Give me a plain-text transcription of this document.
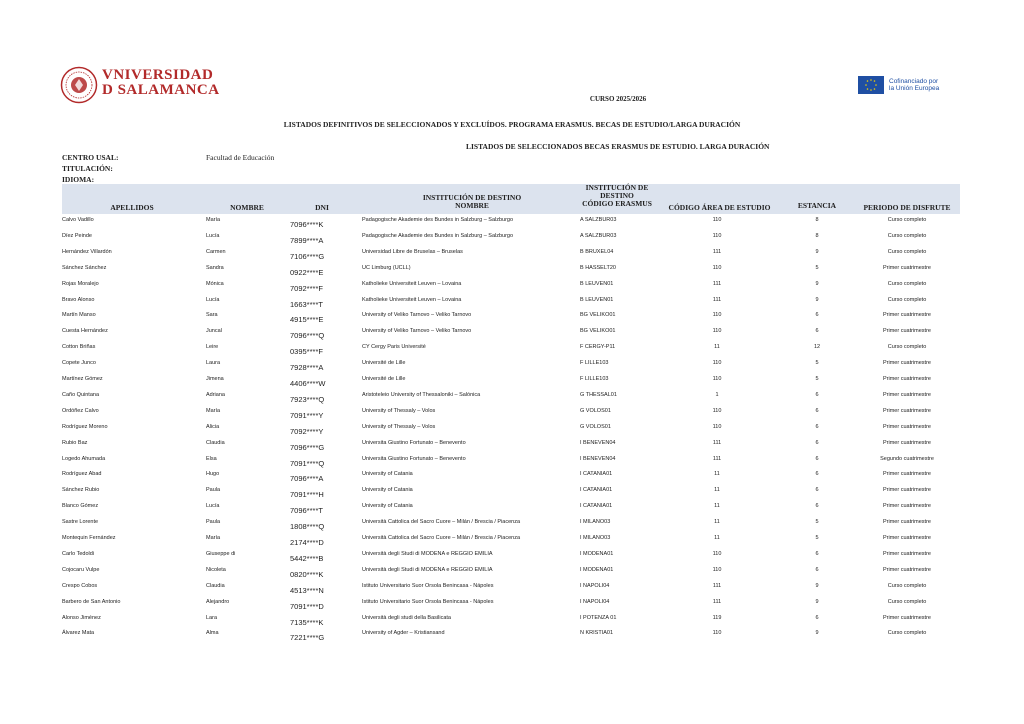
VNIVERSIDAD
D SALAMANCA
Cofinanciado por
la Unión Europea
CURSO 2025/2026
LISTADOS DEFINITIVOS DE SELECCIONADOS Y EXCLUÍDOS. PROGRAMA ERASMUS. BECAS DE ESTUDIO/LARGA DURACIÓN
LISTADOS DE SELECCIONADOS BECAS ERASMUS DE ESTUDIO. LARGA DURACIÓN
CENTRO USAL:	Facultad de Educación
TITULACIÓN:
IDIOMA:
APELLIDOS	NOMBRE	DNI
INSTITUCIÓN DE DESTINO
NOMBRE
INSTITUCIÓN DE
DESTINO
CÓDIGO ERASMUS	CÓDIGO ÁREA DE ESTUDIO	ESTANCIA	PERIODO DE DISFRUTE
Calvo Vadillo	María	7096****K	Padagogische Akademie des Bundes in Salzburg – Salzburgo	A SALZBUR03	110	8	Curso completo
Díez Peinde	Lucía	7899****A	Padagogische Akademie des Bundes in Salzburg – Salzburgo	A SALZBUR03	110	8	Curso completo
Hernández Villardón	Carmen	7106****G	Universidad Libre de Bruselas – Bruselas	B BRUXEL04	111	9	Curso completo
Sánchez Sánchez	Sandra	0922****E	UC Limburg (UCLL)	B HASSELT20	110	5	Primer cuatrimestre
Rojas Moralejo	Mónica	7092****F	Katholieke Universiteit Leuven – Lovaina	B LEUVEN01	111	9	Curso completo
Bravo Alonso	Lucía	1663****T	Katholieke Universiteit Leuven – Lovaina	B LEUVEN01	111	9	Curso completo
Martín Manso	Sara	4915****E	University of Veliko Tarnovo – Veliko Tarnovo	BG VELIKO01	110	6	Primer cuatrimestre
Cuesta Hernández	Juncal	7096****Q	University of Veliko Tarnovo – Veliko Tarnovo	BG VELIKO01	110	6	Primer cuatrimestre
Cotton Briñas	Leire	0395****F	CY Cergy Paris Université	F CERGY-P11	11	12	Curso completo
Copete Junco	Laura	7928****A	Université de Lille	F LILLE103	110	5	Primer cuatrimestre
Martínez Gómez	Jimena	4406****W	Université de Lille	F LILLE103	110	5	Primer cuatrimestre
Caño Quintana	Adriana	7923****Q	Aristoteleio University of Thessaloniki – Salónica	G THESSAL01	1	6	Primer cuatrimestre
Ordóñez Calvo	María	7091****Y	University of Thessaly – Volos	G VOLOS01	110	6	Primer cuatrimestre
Rodríguez Moreno	Alicia	7092****Y	University of Thessaly – Volos	G VOLOS01	110	6	Primer cuatrimestre
Rubio Baz	Claudia	7096****G	Universita Giustino Fortunato – Benevento	I BENEVEN04	111	6	Primer cuatrimestre
Logedo Ahumada	Elsa	7091****Q	Universita Giustino Fortunato – Benevento	I BENEVEN04	111	6	Segundo cuatrimestre
Rodríguez Abad	Hugo	7096****A	University of Catania	I CATANIA01	11	6	Primer cuatrimestre
Sánchez Rubio	Paula	7091****H	University of Catania	I CATANIA01	11	6	Primer cuatrimestre
Blanco Gómez	Lucía	7096****T	University of Catania	I CATANIA01	11	6	Primer cuatrimestre
Sastre Lorente	Paula	1808****Q	Università Cattolica del Sacro Cuore – Milán / Brescia / Piacenza	I MILANO03	11	5	Primer cuatrimestre
Montequin Fernández	María	2174****D	Università Cattolica del Sacro Cuore – Milán / Brescia / Piacenza	I MILANO03	11	5	Primer cuatrimestre
Carlo Tedoldi	Giuseppe di	5442****B	Università degli Studi di MODENA e REGGIO EMILIA	I MODENA01	110	6	Primer cuatrimestre
Cojocaru Vulpe	Nicoleta	0820****K	Università degli Studi di MODENA e REGGIO EMILIA	I MODENA01	110	6	Primer cuatrimestre
Crespo Cobos	Claudia	4513****N	Istituto Universitario Suor Orsola Benincasa - Nápoles	I NAPOLI04	111	9	Curso completo
Barbero de San Antonio	Alejandro	7091****D	Istituto Universitario Suor Orsola Benincasa - Nápoles	I NAPOLI04	111	9	Curso completo
Alonso Jiménez	Lara	7135****K	Università degli studi della Basilicata	I POTENZA 01	119	6	Primer cuatrimestre
Álvarez Mata	Alma	7221****G	University of Agder – Kristiansand	N KRISTIA01	110	9	Curso completo
